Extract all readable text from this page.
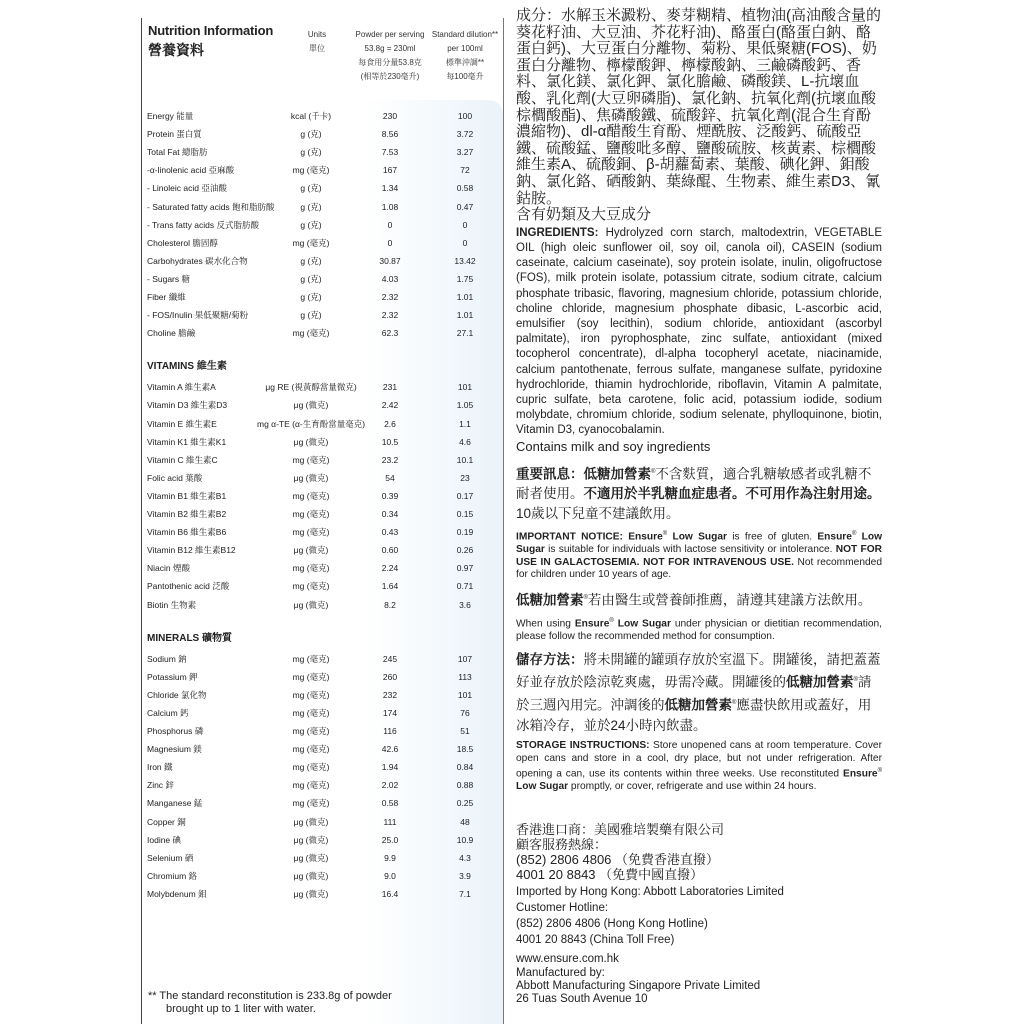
Nutrition Information
營養資料
Units
單位
Powder per serving
53.8g = 230ml
每食用分量53.8克
(相等於230毫升)
Standard dilution**
per 100ml
標準沖調**
每100毫升
Energy 能量	kcal (千卡)	230	100
Protein 蛋白質	g (克)	8.56	3.72
Total Fat 總脂肪	g (克)	7.53	3.27
-α-linolenic acid 亞麻酸	mg (毫克)	167	72
- Linoleic acid 亞油酸	g (克)	1.34	0.58
- Saturated fatty acids 飽和脂肪酸	g (克)	1.08	0.47
- Trans fatty acids 反式脂肪酸	g (克)	0	0
Cholesterol 膽固醇	mg (毫克)	0	0
Carbohydrates 碳水化合物	g (克)	30.87	13.42
- Sugars 糖	g (克)	4.03	1.75
Fiber 纖維	g (克)	2.32	1.01
- FOS/Inulin 果低聚糖/菊粉	g (克)	2.32	1.01
Choline 膽鹼	mg (毫克)	62.3	27.1
VITAMINS 維生素
Vitamin A 維生素A	μg RE (視黃醇當量微克)	231	101
Vitamin D3 維生素D3	μg (微克)	2.42	1.05
Vitamin E 維生素E	mg α-TE (α-生育酚當量毫克)	2.6	1.1
Vitamin K1 維生素K1	μg (微克)	10.5	4.6
Vitamin C 維生素C	mg (毫克)	23.2	10.1
Folic acid 葉酸	μg (微克)	54	23
Vitamin B1 維生素B1	mg (毫克)	0.39	0.17
Vitamin B2 維生素B2	mg (毫克)	0.34	0.15
Vitamin B6 維生素B6	mg (毫克)	0.43	0.19
Vitamin B12 維生素B12	μg (微克)	0.60	0.26
Niacin 煙酸	mg (毫克)	2.24	0.97
Pantothenic acid 泛酸	mg (毫克)	1.64	0.71
Biotin 生物素	μg (微克)	8.2	3.6
MINERALS 礦物質
Sodium 鈉	mg (毫克)	245	107
Potassium 鉀	mg (毫克)	260	113
Chloride 氯化物	mg (毫克)	232	101
Calcium 鈣	mg (毫克)	174	76
Phosphorus 磷	mg (毫克)	116	51
Magnesium 鎂	mg (毫克)	42.6	18.5
Iron 鐵	mg (毫克)	1.94	0.84
Zinc 鋅	mg (毫克)	2.02	0.88
Manganese 錳	mg (毫克)	0.58	0.25
Copper 銅	μg (微克)	111	48
Iodine 碘	μg (微克)	25.0	10.9
Selenium 硒	μg (微克)	9.9	4.3
Chromium 鉻	μg (微克)	9.0	3.9
Molybdenum 鉬	μg (微克)	16.4	7.1
** The standard reconstitution is 233.8g of powder
brought up to 1 liter with water.
成分：水解玉米澱粉、麥芽糊精、植物油(高油酸含量的葵花籽油、大豆油、芥花籽油)、酪蛋白(酪蛋白鈉、酪蛋白鈣)、大豆蛋白分離物、菊粉、果低聚糖(FOS)、奶蛋白分離物、檸檬酸鉀、檸檬酸鈉、三鹼磷酸鈣、香料、氯化鎂、氯化鉀、氯化膽鹼、磷酸鎂、L-抗壞血酸、乳化劑(大豆卵磷脂)、氯化鈉、抗氧化劑(抗壞血酸棕櫚酸酯)、焦磷酸鐵、硫酸鋅、抗氧化劑(混合生育酚濃縮物)、dl-α醋酸生育酚、煙酰胺、泛酸鈣、硫酸亞鐵、硫酸錳、鹽酸吡多醇、鹽酸硫胺、核黃素、棕櫚酸維生素A、硫酸銅、β-胡蘿蔔素、葉酸、碘化鉀、鉬酸鈉、氯化鉻、硒酸鈉、葉綠醌、生物素、維生素D3、氰鈷胺。
含有奶類及大豆成分
INGREDIENTS: Hydrolyzed corn starch, maltodextrin, VEGETABLE OIL (high oleic sunflower oil, soy oil, canola oil), CASEIN (sodium caseinate, calcium caseinate), soy protein isolate, inulin, oligofructose (FOS), milk protein isolate, potassium citrate, sodium citrate, calcium phosphate tribasic, flavoring, magnesium chloride, potassium chloride, choline chloride, magnesium phosphate dibasic, L-ascorbic acid, emulsifier (soy lecithin), sodium chloride, antioxidant (ascorbyl palmitate), iron pyrophosphate, zinc sulfate, antioxidant (mixed tocopherol concentrate), dl-alpha tocopheryl acetate, niacinamide, calcium pantothenate, ferrous sulfate, manganese sulfate, pyridoxine hydrochloride, thiamin hydrochloride, riboflavin, Vitamin A palmitate, cupric sulfate, beta carotene, folic acid, potassium iodide, sodium molybdate, chromium chloride, sodium selenate, phylloquinone, biotin, Vitamin D3, cyanocobalamin.
Contains milk and soy ingredients
重要訊息：低糖加營素®不含麩質，適合乳糖敏感者或乳糖不耐者使用。不適用於半乳糖血症患者。不可用作為注射用途。
10歲以下兒童不建議飲用。
IMPORTANT NOTICE: Ensure® Low Sugar is free of gluten. Ensure® Low Sugar is suitable for individuals with lactose sensitivity or intolerance. NOT FOR USE IN GALACTOSEMIA. NOT FOR INTRAVENOUS USE. Not recommended for children under 10 years of age.
低糖加營素®若由醫生或營養師推薦，請遵其建議方法飲用。
When using Ensure® Low Sugar under physician or dietitian recommendation, please follow the recommended method for consumption.
儲存方法：將未開罐的罐頭存放於室溫下。開罐後，請把蓋蓋好並存放於陰涼乾爽處，毋需冷藏。開罐後的低糖加營素®請於三週內用完。沖調後的低糖加營素®應盡快飲用或蓋好，用冰箱冷存，並於24小時內飲盡。
STORAGE INSTRUCTIONS: Store unopened cans at room temperature. Cover open cans and store in a cool, dry place, but not under refrigeration. After opening a can, use its contents within three weeks. Use reconstituted Ensure® Low Sugar promptly, or cover, refrigerate and use within 24 hours.
香港進口商：美國雅培製藥有限公司
顧客服務熱線：
(852) 2806 4806 （免費香港直撥）
4001 20 8843 （免費中國直撥）
Imported by Hong Kong: Abbott Laboratories Limited
Customer Hotline:
(852) 2806 4806 (Hong Kong Hotline)
4001 20 8843 (China Toll Free)
www.ensure.com.hk
Manufactured by:
Abbott Manufacturing Singapore Private Limited
26 Tuas South Avenue 10
